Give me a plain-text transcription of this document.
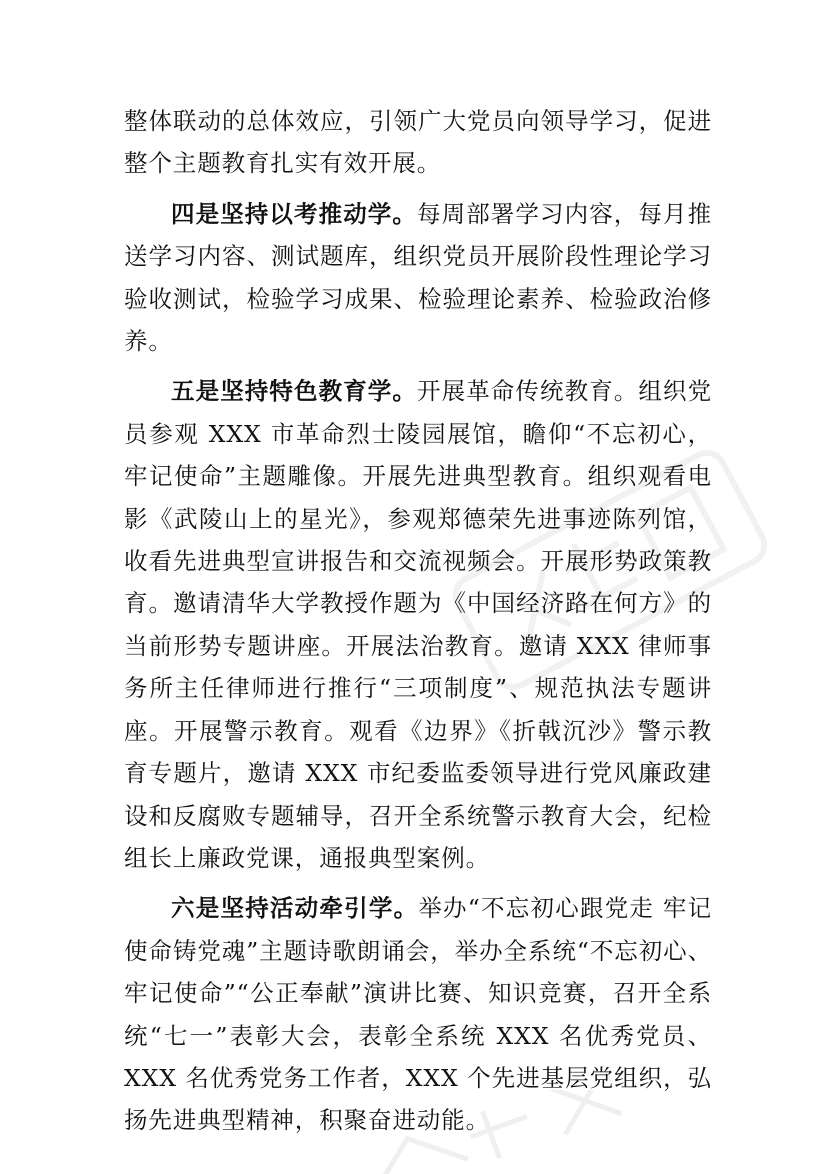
整体联动的总体效应，引领广大党员向领导学习，促进整个主题教育扎实有效开展。

四是坚持以考推动学。每周部署学习内容，每月推送学习内容、测试题库，组织党员开展阶段性理论学习验收测试，检验学习成果、检验理论素养、检验政治修养。

五是坚持特色教育学。开展革命传统教育。组织党员参观 XXX 市革命烈士陵园展馆，瞻仰“不忘初心，牢记使命”主题雕像。开展先进典型教育。组织观看电影《武陵山上的星光》，参观郑德荣先进事迹陈列馆，收看先进典型宣讲报告和交流视频会。开展形势政策教育。邀请清华大学教授作题为《中国经济路在何方》的当前形势专题讲座。开展法治教育。邀请 XXX 律师事务所主任律师进行推行“三项制度”、规范执法专题讲座。开展警示教育。观看《边界》《折戟沉沙》警示教育专题片，邀请 XXX 市纪委监委领导进行党风廉政建设和反腐败专题辅导，召开全系统警示教育大会，纪检组长上廉政党课，通报典型案例。

六是坚持活动牵引学。举办“不忘初心跟党走 牢记使命铸党魂”主题诗歌朗诵会，举办全系统“不忘初心、牢记使命”“公正奉献”演讲比赛、知识竞赛，召开全系统“七一”表彰大会，表彰全系统 XXX 名优秀党员、XXX 名优秀党务工作者，XXX 个先进基层党组织，弘扬先进典型精神，积聚奋进动能。
